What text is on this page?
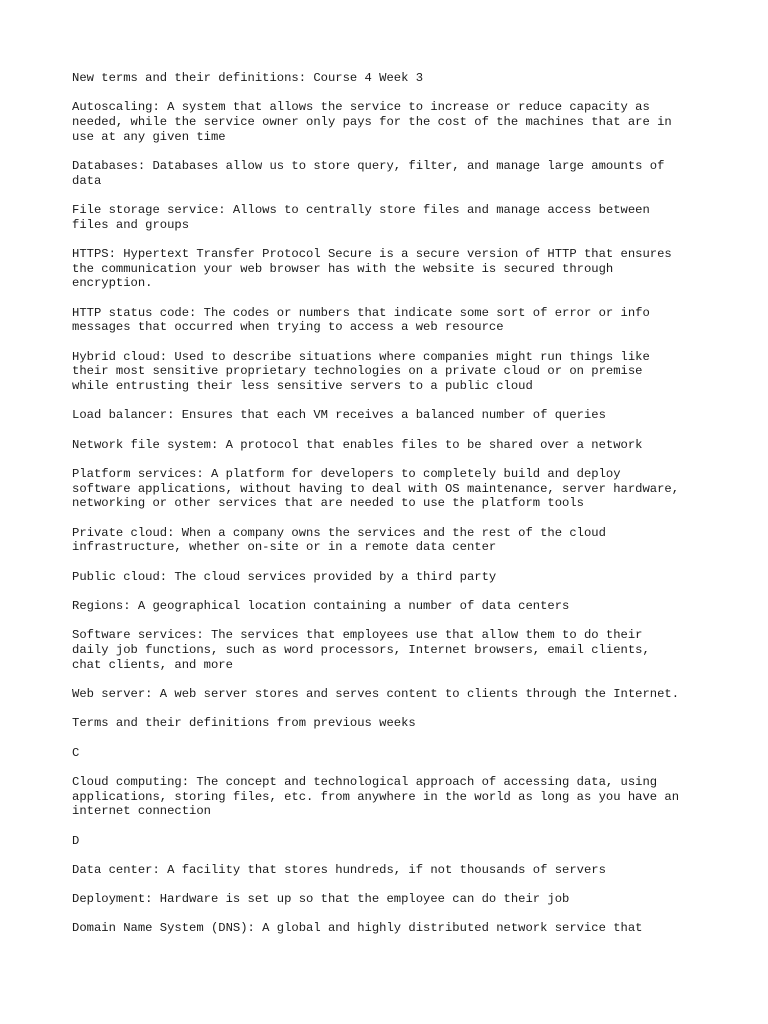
New terms and their definitions: Course 4 Week 3

Autoscaling: A system that allows the service to increase or reduce capacity as
needed, while the service owner only pays for the cost of the machines that are in
use at any given time

Databases: Databases allow us to store query, filter, and manage large amounts of
data

File storage service: Allows to centrally store files and manage access between
files and groups

HTTPS: Hypertext Transfer Protocol Secure is a secure version of HTTP that ensures
the communication your web browser has with the website is secured through
encryption.

HTTP status code: The codes or numbers that indicate some sort of error or info
messages that occurred when trying to access a web resource

Hybrid cloud: Used to describe situations where companies might run things like
their most sensitive proprietary technologies on a private cloud or on premise
while entrusting their less sensitive servers to a public cloud

Load balancer: Ensures that each VM receives a balanced number of queries

Network file system: A protocol that enables files to be shared over a network

Platform services: A platform for developers to completely build and deploy
software applications, without having to deal with OS maintenance, server hardware,
networking or other services that are needed to use the platform tools

Private cloud: When a company owns the services and the rest of the cloud
infrastructure, whether on-site or in a remote data center

Public cloud: The cloud services provided by a third party

Regions: A geographical location containing a number of data centers

Software services: The services that employees use that allow them to do their
daily job functions, such as word processors, Internet browsers, email clients,
chat clients, and more

Web server: A web server stores and serves content to clients through the Internet.

Terms and their definitions from previous weeks

C

Cloud computing: The concept and technological approach of accessing data, using
applications, storing files, etc. from anywhere in the world as long as you have an
internet connection

D

Data center: A facility that stores hundreds, if not thousands of servers

Deployment: Hardware is set up so that the employee can do their job

Domain Name System (DNS): A global and highly distributed network service that
